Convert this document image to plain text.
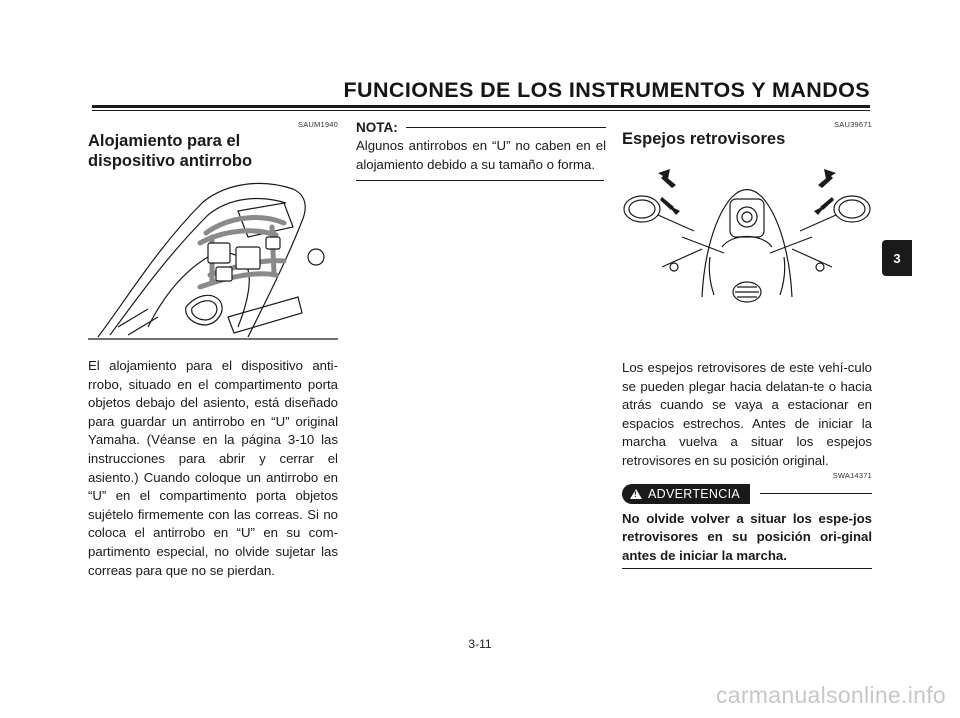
FUNCIONES DE LOS INSTRUMENTOS Y MANDOS
SAUM1940
Alojamiento para el
dispositivo antirrobo
El alojamiento para el dispositivo anti-rrobo, situado en el compartimento porta objetos debajo del asiento, está diseñado para guardar un antirrobo en “U” original Yamaha. (Véanse en la página 3-10 las instrucciones para abrir y cerrar el asiento.) Cuando coloque un antirrobo en “U” en el compartimento porta objetos sujételo firmemente con las correas. Si no coloca el antirrobo en “U” en su com-partimento especial, no olvide sujetar las correas para que no se pierdan.
NOTA:
Algunos antirrobos en “U” no caben en el alojamiento debido a su tamaño o forma.
SAU39671
Espejos retrovisores
Los espejos retrovisores de este vehí-culo se pueden plegar hacia delatan-te o hacia atrás cuando se vaya a estacionar en espacios estrechos. Antes de iniciar la marcha vuelva a situar los espejos retrovisores en su posición original.
SWA14371
! ADVERTENCIA
No olvide volver a situar los espe-jos retrovisores en su posición ori-ginal antes de iniciar la marcha.
3
3-11
carmanualsonline.info
